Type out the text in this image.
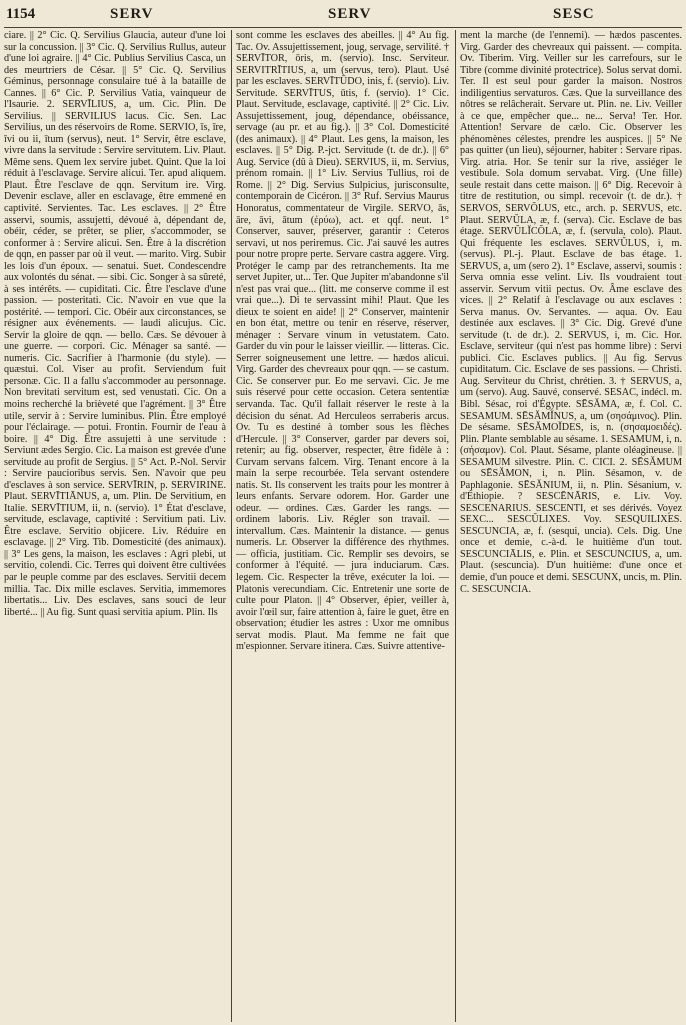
1154	SERV	SERV	SESC

ciare. || 2° Cic. Q. Servilius Glaucia, auteur d'une loi sur la concussion. || 3° Cic. Q. Servilius Rullus, auteur d'une loi agraire. || 4° Cic. Publius Servilius Casca, un des meurtriers de César. || 5° Cic. Q. Servilius Géminus, personnage consulaire tué à la bataille de Cannes. || 6° Cic. P. Servilius Vatia, vainqueur de l'Isaurie. 2. SERVĪLIUS, a, um. Cic. Plin. De Servilius. || SERVILIUS lacus. Cic. Sen. Lac Servilius, un des réservoirs de Rome. SERVIO, īs, īre, īvi ou ii, ītum (servus), neut. 1° Servir, être esclave, vivre dans la servitude : Servire servitutem. Liv. Plaut. Même sens. Quem lex servire jubet. Quint. Que la loi réduit à l'esclavage. Servire alicui. Ter. apud aliquem. Plaut. Être l'esclave de qqn. Servitum ire. Virg. Devenir esclave, aller en esclavage, être emmené en captivité. Servientes. Tac. Les esclaves. || 2° Être asservi, soumis, assujetti, dévoué à, dépendant de, obéir, céder, se prêter, se plier, s'accommoder, se conformer à : Servire alicui. Sen. Être à la discrétion de qqn, en passer par où il veut. — marito. Virg. Subir les lois d'un époux. — senatui. Suet. Condescendre aux volontés du sénat. — sibi. Cic. Songer à sa sûreté, à ses intérêts. — cupiditati. Cic. Être l'esclave d'une passion. — posteritati. Cic. N'avoir en vue que la postérité. — tempori. Cic. Obéir aux circonstances, se résigner aux événements. — laudi alicujus. Cic. Servir la gloire de qqn. — bello. Cæs. Se dévouer à une guerre. — corpori. Cic. Ménager sa santé. — numeris. Cic. Sacrifier à l'harmonie (du style). — quæstui. Col. Viser au profit. Serviendum fuit personæ. Cic. Il a fallu s'accommoder au personnage. Non brevitati servitum est, sed venustati. Cic. On a moins recherché la brièveté que l'agrément. || 3° Être utile, servir à : Servire luminibus. Plin. Être employé pour l'éclairage. — potui. Frontin. Fournir de l'eau à boire. || 4° Dig. Être assujetti à une servitude : Serviunt ædes Sergio. Cic. La maison est grevée d'une servitude au profit de Sergius. || 5° Act. P.-Nol. Servir : Servire paucioribus servis. Sen. N'avoir que peu d'esclaves à son service. SERVĪRIN, p. SERVIRINE. Plaut. SERVĪTIĀNUS, a, um. Plin. De Servitium, en Italie. SERVĪTIUM, ii, n. (servio). 1° État d'esclave, servitude, esclavage, captivité : Servitium pati. Liv. Être esclave. Servitio objicere. Liv. Réduire en esclavage. || 2° Virg. Tib. Domesticité (des animaux). || 3° Les gens, la maison, les esclaves : Agri plebi, ut servitio, colendi. Cic. Terres qui doivent être cultivées par le peuple comme par des esclaves. Servitii decem millia. Tac. Dix mille esclaves. Servitia, immemores libertatis... Liv. Des esclaves, sans souci de leur liberté... || Au fig. Sunt quasi servitia apium. Plin. Ils

sont comme les esclaves des abeilles. || 4° Au fig. Tac. Ov. Assujettissement, joug, servage, servilité. † SERVĪTOR, ōris, m. (servio). Insc. Serviteur. SERVITRĪTIUS, a, um (servus, tero). Plaut. Usé par les esclaves. SERVĪTŪDO, inis, f. (servio). Liv. Servitude. SERVĪTUS, ūtis, f. (servio). 1° Cic. Plaut. Servitude, esclavage, captivité. || 2° Cic. Liv. Assujettissement, joug, dépendance, obéissance, servage (au pr. et au fig.). || 3° Col. Domesticité (des animaux). || 4° Plaut. Les gens, la maison, les esclaves. || 5° Dig. P.-jct. Servitude (t. de dr.). || 6° Aug. Service (dû à Dieu). SERVIUS, ii, m. Servius, prénom romain. || 1° Liv. Servius Tullius, roi de Rome. || 2° Dig. Servius Sulpicius, jurisconsulte, contemporain de Cicéron. || 3° Ruf. Servius Maurus Honoratus, commentateur de Virgile. SERVO, ās, āre, āvi, ātum (ἐρύω), act. et qqf. neut. 1° Conserver, sauver, préserver, garantir : Ceteros servavi, ut nos periremus. Cic. J'ai sauvé les autres pour notre propre perte. Servare castra aggere. Virg. Protéger le camp par des retranchements. Ita me servet Jupiter, ut... Ter. Que Jupiter m'abandonne s'il n'est pas vrai que... (litt. me conserve comme il est vrai que...). Di te servassint mihi! Plaut. Que les dieux te soient en aide! || 2° Conserver, maintenir en bon état, mettre ou tenir en réserve, réserver, ménager : Servare vinum in vetustatem. Cato. Garder du vin pour le laisser vieillir. — litteras. Cic. Serrer soigneusement une lettre. — hædos alicui. Virg. Garder des chevreaux pour qqn. — se castum. Cic. Se conserver pur. Eo me servavi. Cic. Je me suis réservé pour cette occasion. Cetera sententiæ servanda. Tac. Qu'il fallait réserver le reste à la décision du sénat. Ad Herculeos serraberis arcus. Ov. Tu es destiné à tomber sous les flèches d'Hercule. || 3° Conserver, garder par devers soi, retenir; au fig. observer, respecter, être fidèle à : Curvam servans falcem. Virg. Tenant encore à la main la serpe recourbée. Tela servant ostendere natis. St. Ils conservent les traits pour les montrer à leurs enfants. Servare odorem. Hor. Garder une odeur. — ordines. Cæs. Garder les rangs. — ordinem laboris. Liv. Régler son travail. — intervallum. Cæs. Maintenir la distance. — genus numeris. Lr. Observer la différence des rhythmes. — officia, justitiam. Cic. Remplir ses devoirs, se conformer à l'équité. — jura induciarum. Cæs. legem. Cic. Respecter la trêve, exécuter la loi. — Platonis verecundiam. Cic. Entretenir une sorte de culte pour Platon. || 4° Observer, épier, veiller à, avoir l'œil sur, faire attention à, faire le guet, être en observation; étudier les astres : Uxor me omnibus servat modis. Plaut. Ma femme ne fait que m'espionner. Servare itinera. Cæs. Suivre attentive-

ment la marche (de l'ennemi). — hædos pascentes. Virg. Garder des chevreaux qui paissent. — compita. Ov. Tiberim. Virg. Veiller sur les carrefours, sur le Tibre (comme divinité protectrice). Solus servat domi. Ter. Il est seul pour garder la maison. Nostros indiligentius servaturos. Cæs. Que la surveillance des nôtres se relâcherait. Servare ut. Plin. ne. Liv. Veiller à ce que, empêcher que... ne... Serva! Ter. Hor. Attention! Servare de cælo. Cic. Observer les phénomènes célestes, prendre les auspices. || 5° Ne pas quitter (un lieu), séjourner, habiter : Servare ripas. Virg. atria. Hor. Se tenir sur la rive, assiéger le vestibule. Sola domum servabat. Virg. (Une fille) seule restait dans cette maison. || 6° Dig. Recevoir à titre de restitution, ou simpl. recevoir (t. de dr.). † SERVOS, SERVŎLUS, etc., arch. p. SERVUS, etc. Plaut. SERVŬLA, æ, f. (serva). Cic. Esclave de bas étage. SERVŬLĬCŎLA, æ, f. (servula, colo). Plaut. Qui fréquente les esclaves. SERVŬLUS, i, m. (servus). Pl.-j. Plaut. Esclave de bas étage. 1. SERVUS, a, um (sero 2). 1° Esclave, asservi, soumis : Serva omnia esse velint. Liv. Ils voudraient tout asservir. Servum vitii pectus. Ov. Âme esclave des vices. || 2° Relatif à l'esclavage ou aux esclaves : Serva manus. Ov. Servantes. — aqua. Ov. Eau destinée aux esclaves. || 3° Cic. Dig. Grevé d'une servitude (t. de dr.). 2. SERVUS, i, m. Cic. Hor. Esclave, serviteur (qui n'est pas homme libre) : Servi publici. Cic. Esclaves publics. || Au fig. Servus cupiditatum. Cic. Esclave de ses passions. — Christi. Aug. Serviteur du Christ, chrétien. 3. † SERVUS, a, um (servo). Aug. Sauvé, conservé. SESAC, indécl. m. Bibl. Sésac, roi d'Égypte. SĒSĂMA, æ, f. Col. C. SESAMUM. SĒSĂMĬNUS, a, um (σησάμινος). Plin. De sésame. SĒSĂMOĬDES, is, n. (σησαμοειδές). Plin. Plante semblable au sésame. 1. SESAMUM, i, n. (σήσαμον). Col. Plaut. Sésame, plante oléagineuse. || SESAMUM silvestre. Plin. C. CICI. 2. SĒSĂMUM ou SĒSĂMON, i, n. Plin. Sésamon, v. de Paphlagonie. SĒSĂNIUM, ii, n. Plin. Sésanium, v. d'Éthiopie. ? SESCĒNĀRIS, e. Liv. Voy. SESCENARIUS. SESCENTI, et ses dérivés. Voyez SEXC... SESCŬLIXES. Voy. SESQUILIXES. SESCUNCIA, æ, f. (sesqui, uncia). Cels. Dig. Une once et demie, c.-à-d. le huitième d'un tout. SESCUNCIĀLIS, e. Plin. et SESCUNCIUS, a, um. Plaut. (sescuncia). D'un huitième: d'une once et demie, d'un pouce et demi. SESCUNX, uncis, m. Plin. C. SESCUNCIA.
